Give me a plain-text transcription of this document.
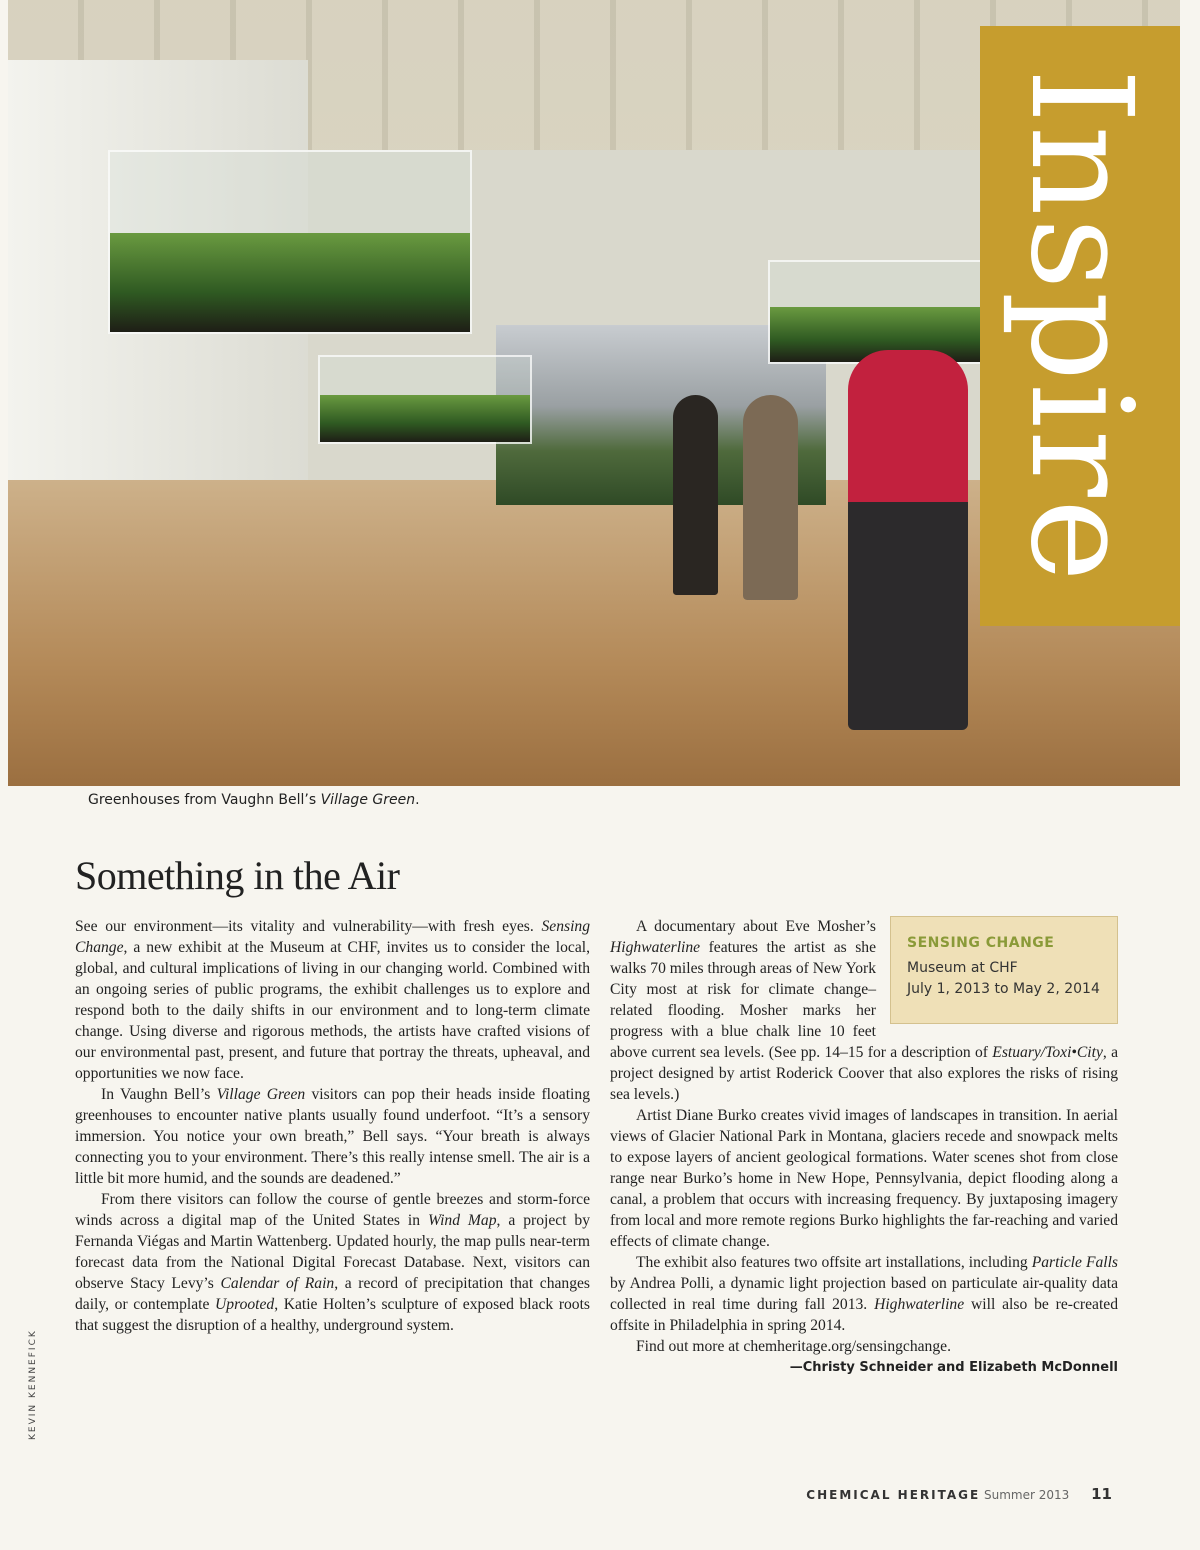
Inspire
Greenhouses from Vaughn Bell’s Village Green.
Something in the Air

See our environment—its vitality and vulnerability—with fresh eyes. Sensing Change, a new exhibit at the Museum at CHF, invites us to consider the local, global, and cultural implications of living in our changing world. Combined with an ongoing series of public programs, the exhibit challenges us to explore and respond both to the daily shifts in our environment and to long-term climate change. Using diverse and rigorous methods, the artists have crafted visions of our environmental past, present, and future that portray the threats, upheaval, and opportunities we now face.

In Vaughn Bell’s Village Green visitors can pop their heads inside floating greenhouses to encounter native plants usually found underfoot. “It’s a sensory immersion. You notice your own breath,” Bell says. “Your breath is always connecting you to your environment. There’s this really intense smell. The air is a little bit more humid, and the sounds are deadened.”

From there visitors can follow the course of gentle breezes and storm-force winds across a digital map of the United States in Wind Map, a project by Fernanda Viégas and Martin Wattenberg. Updated hourly, the map pulls near-term forecast data from the National Digital Forecast Database. Next, visitors can observe Stacy Levy’s Calendar of Rain, a record of precipitation that changes daily, or contemplate Uprooted, Katie Holten’s sculpture of exposed black roots that suggest the disruption of a healthy, underground system.

SENSING CHANGE
Museum at CHF
July 1, 2013 to May 2, 2014

A documentary about Eve Mosher’s Highwaterline features the artist as she walks 70 miles through areas of New York City most at risk for climate change–related flooding. Mosher marks her progress with a blue chalk line 10 feet above current sea levels. (See pp. 14–15 for a description of Estuary/Toxi•City, a project designed by artist Roderick Coover that also explores the risks of rising sea levels.)

Artist Diane Burko creates vivid images of landscapes in transition. In aerial views of Glacier National Park in Montana, glaciers recede and snowpack melts to expose layers of ancient geological formations. Water scenes shot from close range near Burko’s home in New Hope, Pennsylvania, depict flooding along a canal, a problem that occurs with increasing frequency. By juxtaposing imagery from local and more remote regions Burko highlights the far-reaching and varied effects of climate change.

The exhibit also features two offsite art installations, including Particle Falls by Andrea Polli, a dynamic light projection based on particulate air-quality data collected in real time during fall 2013. Highwaterline will also be re-created offsite in Philadelphia in spring 2014.

Find out more at chemheritage.org/sensingchange.

—Christy Schneider and Elizabeth McDonnell

KEVIN KENNEFICK
CHEMICAL HERITAGE Summer 2013 11
